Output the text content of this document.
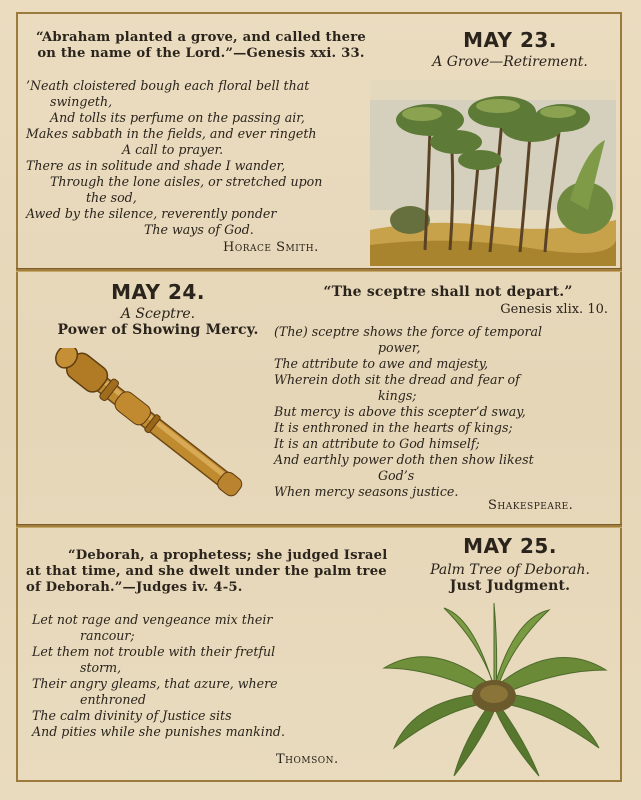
“Abraham planted a grove, and called there
on the name of the Lord.”—Genesis xxi. 33.
MAY 23.
A Grove—Retirement.
’Neath cloistered bough each floral bell that
swingeth,
And tolls its perfume on the passing air,
Makes sabbath in the fields, and ever ringeth
A call to prayer.
There as in solitude and shade I wander,
Through the lone aisles, or stretched upon
the sod,
Awed by the silence, reverently ponder
The ways of God.
Horace Smith.
MAY 24.
A Sceptre.
Power of Showing Mercy.
“The sceptre shall not depart.”
Genesis xlix. 10.
(The) sceptre shows the force of temporal
power,
The attribute to awe and majesty,
Wherein doth sit the dread and fear of
kings;
But mercy is above this scepter’d sway,
It is enthroned in the hearts of kings;
It is an attribute to God himself;
And earthly power doth then show likest
God’s
When mercy seasons justice.
Shakespeare.
“Deborah, a prophetess; she judged Israel
at that time, and she dwelt under the palm tree
of Deborah.”—Judges iv. 4-5.
MAY 25.
Palm Tree of Deborah.
Just Judgment.
Let not rage and vengeance mix their
rancour;
Let them not trouble with their fretful
storm,
Their angry gleams, that azure, where
enthroned
The calm divinity of Justice sits
And pities while she punishes mankind.
Thomson.
